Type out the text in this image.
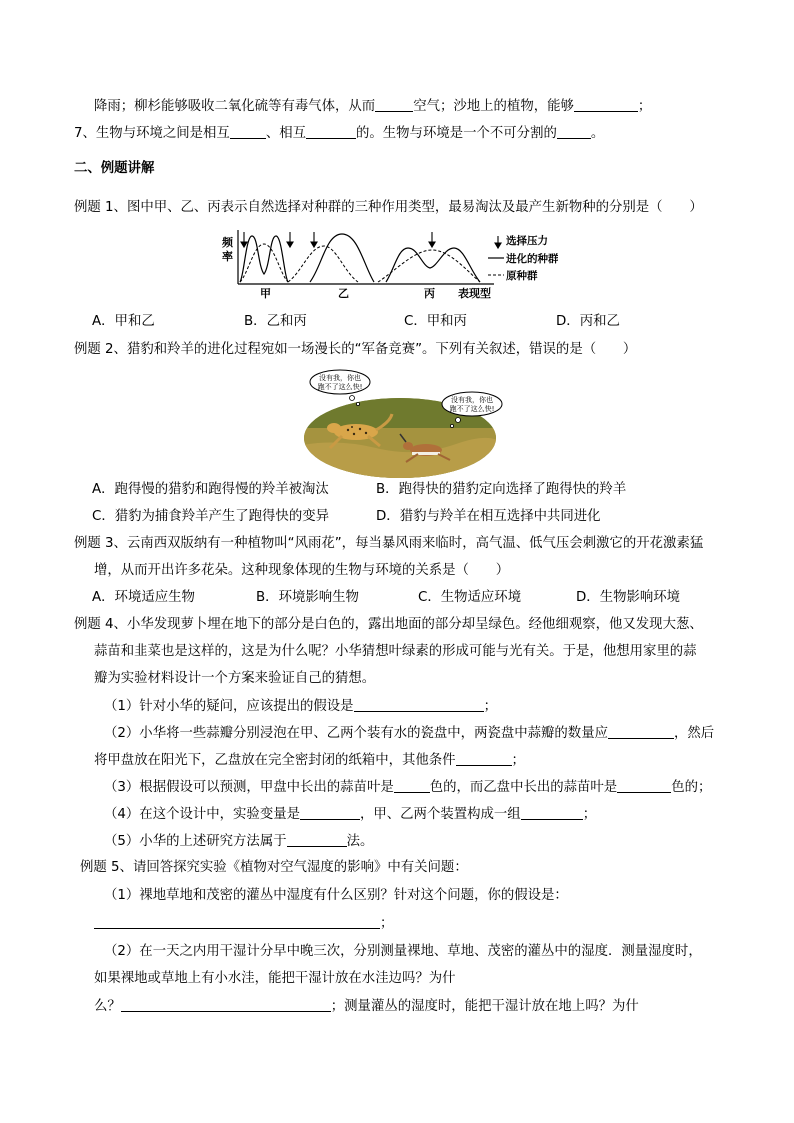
降雨；柳杉能够吸收二氧化硫等有毒气体，从而	空气；沙地上的植物，能够	；
7、生物与环境之间是相互	、相互	的。生物与环境是一个不可分割的	。
二、例题讲解
例题 1、图中甲、乙、丙表示自然选择对种群的三种作用类型，最易淘汰及最产生新物种的分别是（　　）
频
率
甲	乙	丙 表现型
选择压力
进化的种群
原种群
A．甲和乙	B．乙和丙	C．甲和丙	D．丙和乙
例题 2、猎豹和羚羊的进化过程宛如一场漫长的“军备竞赛”。下列有关叙述，错误的是（　　）
没有我，你也
跑不了这么快!
没有我，你也
跑不了这么快!
A．跑得慢的猎豹和跑得慢的羚羊被淘汰	B．跑得快的猎豹定向选择了跑得快的羚羊
C．猎豹为捕食羚羊产生了跑得快的变异	D．猎豹与羚羊在相互选择中共同进化
例题 3、云南西双版纳有一种植物叫“风雨花”，每当暴风雨来临时，高气温、低气压会刺激它的开花激素猛
增，从而开出许多花朵。这种现象体现的生物与环境的关系是（　　）
A．环境适应生物	B．环境影响生物	C．生物适应环境	D．生物影响环境
例题 4、小华发现萝卜埋在地下的部分是白色的，露出地面的部分却呈绿色。经他细观察，他又发现大葱、
蒜苗和韭菜也是这样的，这是为什么呢？小华猜想叶绿素的形成可能与光有关。于是，他想用家里的蒜
瓣为实验材料设计一个方案来验证自己的猜想。
（1）针对小华的疑问，应该提出的假设是	；
（2）小华将一些蒜瓣分别浸泡在甲、乙两个装有水的瓷盘中，两瓷盘中蒜瓣的数量应	，然后
将甲盘放在阳光下，乙盘放在完全密封闭的纸箱中，其他条件	；
（3）根据假设可以预测，甲盘中长出的蒜苗叶是	色的，而乙盘中长出的蒜苗叶是	色的；
（4）在这个设计中，实验变量是	，甲、乙两个装置构成一组	；
（5）小华的上述研究方法属于	法。
例题 5、请回答探究实验《植物对空气湿度的影响》中有关问题：
（1）裸地草地和茂密的灌丛中湿度有什么区别？针对这个问题，你的假设是：
；
（2）在一天之内用干湿计分早中晚三次，分别测量裸地、草地、茂密的灌丛中的湿度．测量湿度时，
如果裸地或草地上有小水洼，能把干湿计放在水洼边吗？为什
么？	；测量灌丛的湿度时，能把干湿计放在地上吗？为什
